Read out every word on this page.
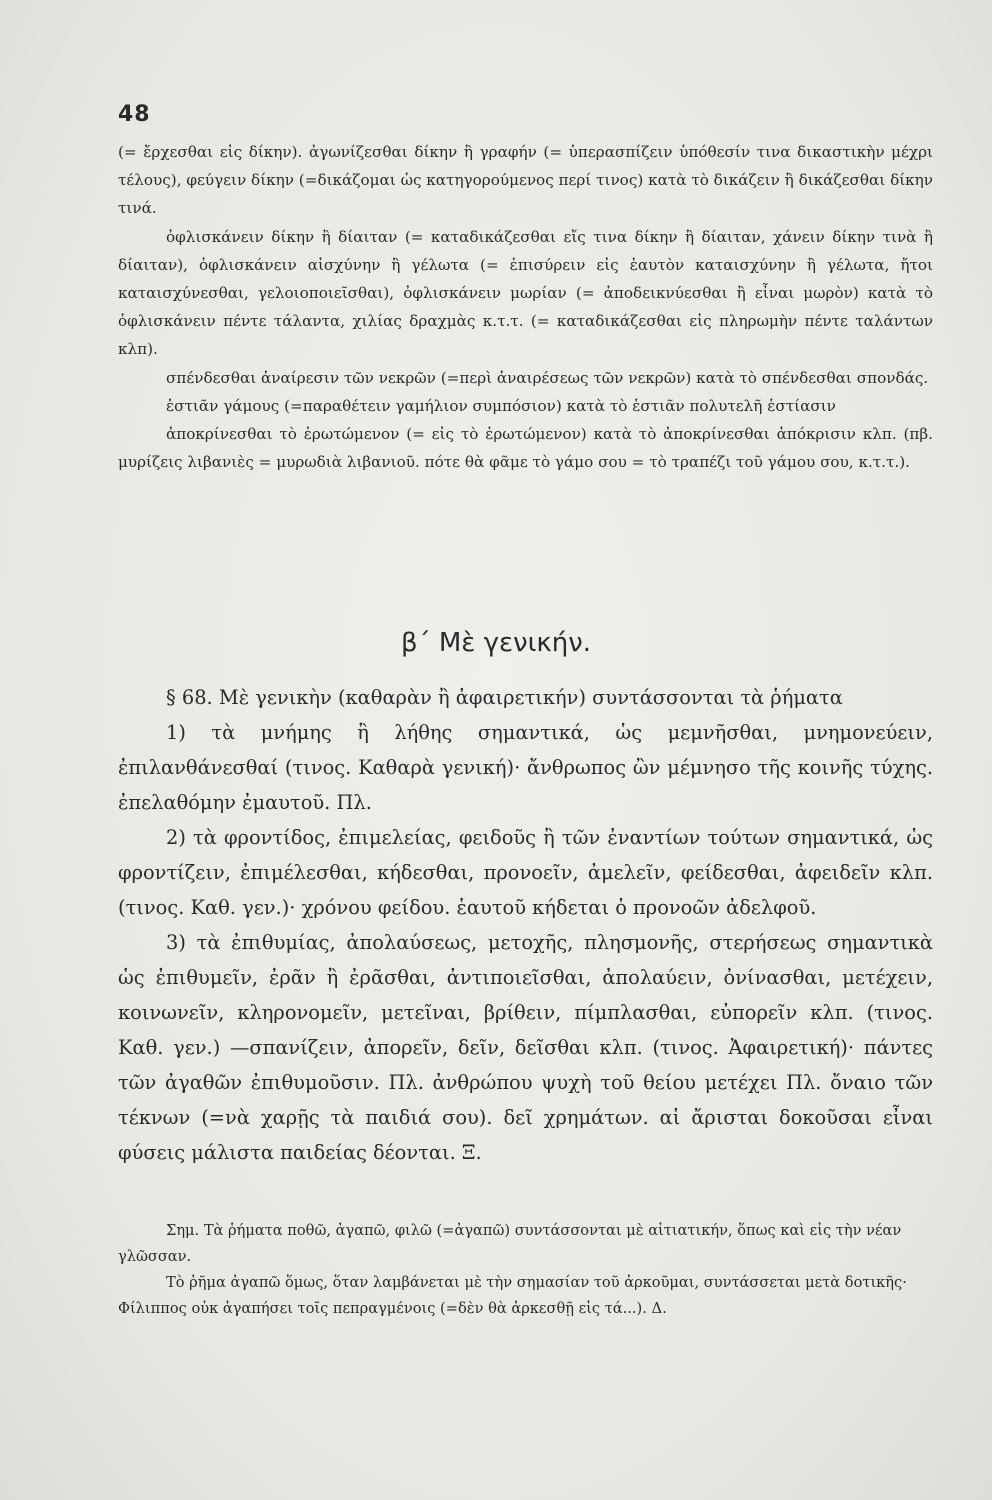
48

(= ἔρχεσθαι εἰς δίκην). ἀγωνίζεσθαι δίκην ἢ γραφήν (= ὑπερασπίζειν ὑπόθεσίν τινα δικαστικὴν μέχρι τέλους), φεύγειν δίκην (=δικάζομαι ὡς κατηγορούμενος περί τινος) κατὰ τὸ δικάζειν ἢ δικάζεσθαι δίκην τινά.

ὀφλισκάνειν δίκην ἢ δίαιταν (= καταδικάζεσθαι εἴς τινα δίκην ἢ δίαιταν, χάνειν δίκην τινὰ ἢ δίαιταν), ὀφλισκάνειν αἰσχύνην ἢ γέλωτα (= ἐπισύρειν εἰς ἑαυτὸν καταισχύνην ἢ γέλωτα, ἤτοι καταισχύνεσθαι, γελοιοποιεῖσθαι), ὀφλισκάνειν μωρίαν (= ἀποδεικνύεσθαι ἢ εἶναι μωρὸν) κατὰ τὸ ὀφλισκάνειν πέντε τάλαντα, χιλίας δραχμὰς κ.τ.τ. (= καταδικάζεσθαι εἰς πληρωμὴν πέντε ταλάντων κλπ).

σπένδεσθαι ἀναίρεσιν τῶν νεκρῶν (=περὶ ἀναιρέσεως τῶν νεκρῶν) κατὰ τὸ σπένδεσθαι σπονδάς.

ἑστιᾶν γάμους (=παραθέτειν γαμήλιον συμπόσιον) κατὰ τὸ ἑστιᾶν πολυτελῆ ἑστίασιν

ἀποκρίνεσθαι τὸ ἐρωτώμενον (= εἰς τὸ ἐρωτώμενον) κατὰ τὸ ἀποκρίνεσθαι ἀπόκρισιν κλπ. (πβ. μυρίζεις λιβανιὲς = μυρωδιὰ λιβανιοῦ. πότε θὰ φᾶμε τὸ γάμο σου = τὸ τραπέζι τοῦ γάμου σου, κ.τ.τ.).

β΄ Μὲ γενικήν.

§ 68. Μὲ γενικὴν (καθαρὰν ἢ ἀφαιρετικήν) συντάσσονται τὰ ῥήματα

1) τὰ μνήμης ἢ λήθης σημαντικά, ὡς μεμνῆσθαι, μνημονεύειν, ἐπιλανθάνεσθαί (τινος. Καθαρὰ γενική)· ἄνθρωπος ὢν μέμνησο τῆς κοινῆς τύχης. ἐπελαθόμην ἐμαυτοῦ. Πλ.

2) τὰ φροντίδος, ἐπιμελείας, φειδοῦς ἢ τῶν ἐναντίων τούτων σημαντικά, ὡς φροντίζειν, ἐπιμέλεσθαι, κήδεσθαι, προνοεῖν, ἀμελεῖν, φείδεσθαι, ἀφειδεῖν κλπ. (τινος. Καθ. γεν.)· χρόνου φείδου. ἑαυτοῦ κήδεται ὁ προνοῶν ἀδελφοῦ.

3) τὰ ἐπιθυμίας, ἀπολαύσεως, μετοχῆς, πλησμονῆς, στερήσεως σημαντικὰ ὡς ἐπιθυμεῖν, ἐρᾶν ἢ ἐρᾶσθαι, ἀντιποιεῖσθαι, ἀπολαύειν, ὀνίνασθαι, μετέχειν, κοινωνεῖν, κληρονομεῖν, μετεῖναι, βρίθειν, πίμπλασθαι, εὐπορεῖν κλπ. (τινος. Καθ. γεν.) —σπανίζειν, ἀπορεῖν, δεῖν, δεῖσθαι κλπ. (τινος. Ἀφαιρετική)· πάντες τῶν ἀγαθῶν ἐπιθυμοῦσιν. Πλ. ἀνθρώπου ψυχὴ τοῦ θείου μετέχει Πλ. ὄναιο τῶν τέκνων (=νὰ χαρῇς τὰ παιδιά σου). δεῖ χρημάτων. αἱ ἄρισται δοκοῦσαι εἶναι φύσεις μάλιστα παιδείας δέονται. Ξ.

Σημ. Τὰ ῥήματα ποθῶ, ἀγαπῶ, φιλῶ (=ἀγαπῶ) συντάσσονται μὲ αἰτιατικήν, ὅπως καὶ εἰς τὴν νέαν γλῶσσαν.

Τὸ ῥῆμα ἀγαπῶ ὅμως, ὅταν λαμβάνεται μὲ τὴν σημασίαν τοῦ ἀρκοῦμαι, συντάσσεται μετὰ δοτικῆς· Φίλιππος οὐκ ἀγαπήσει τοῖς πεπραγμένοις (=δὲν θὰ ἀρκεσθῇ εἰς τά...). Δ.
